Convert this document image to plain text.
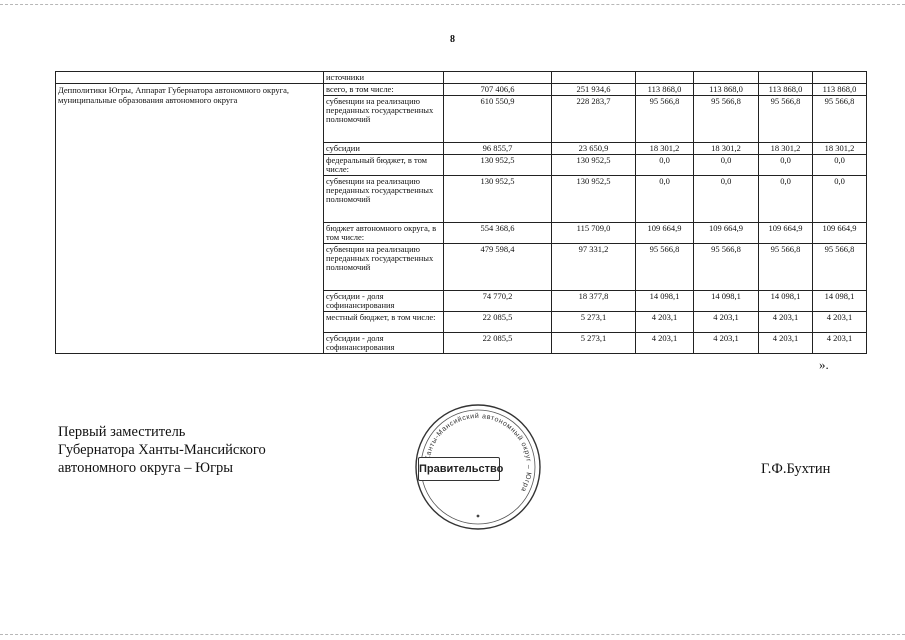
8
	источники						
Депполитики Югры, Аппарат Губернатора автономного округа, муниципальные образования автономного округа	всего, в том числе:	707 406,6	251 934,6	113 868,0	113 868,0	113 868,0	113 868,0
	субвенции на реализацию переданных государственных полномочий	610 550,9	228 283,7	95 566,8	95 566,8	95 566,8	95 566,8
	субсидии	96 855,7	23 650,9	18 301,2	18 301,2	18 301,2	18 301,2
	федеральный бюджет, в том числе:	130 952,5	130 952,5	0,0	0,0	0,0	0,0
	субвенции на реализацию переданных государственных полномочий	130 952,5	130 952,5	0,0	0,0	0,0	0,0
	бюджет автономного округа, в том числе:	554 368,6	115 709,0	109 664,9	109 664,9	109 664,9	109 664,9
	субвенции на реализацию переданных государственных полномочий	479 598,4	97 331,2	95 566,8	95 566,8	95 566,8	95 566,8
	субсидии - доля софинансирования	74 770,2	18 377,8	14 098,1	14 098,1	14 098,1	14 098,1
	местный бюджет, в том числе:	22 085,5	5 273,1	4 203,1	4 203,1	4 203,1	4 203,1
	субсидии - доля софинансирования	22 085,5	5 273,1	4 203,1	4 203,1	4 203,1	4 203,1
».
Первый заместитель
Губернатора Ханты-Мансийского
автономного округа – Югры
анты-Мансийский автономный округ – Югра
Правительство	Г.Ф.Бухтин
